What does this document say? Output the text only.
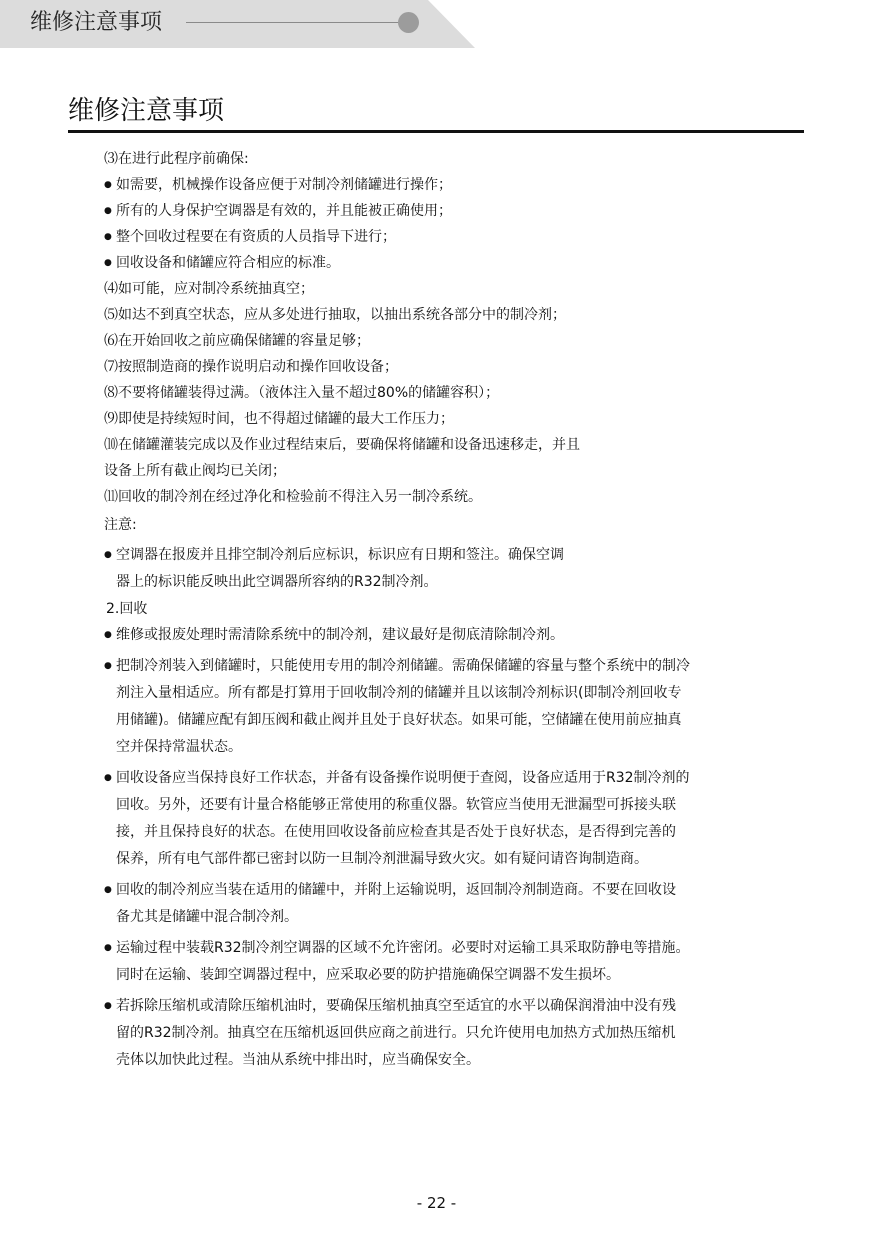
维修注意事项
维修注意事项
⑶在进行此程序前确保:
● 如需要，机械操作设备应便于对制冷剂储罐进行操作；
● 所有的人身保护空调器是有效的，并且能被正确使用；
● 整个回收过程要在有资质的人员指导下进行；
● 回收设备和储罐应符合相应的标准。
⑷如可能，应对制冷系统抽真空；
⑸如达不到真空状态，应从多处进行抽取，以抽出系统各部分中的制冷剂；
⑹在开始回收之前应确保储罐的容量足够；
⑺按照制造商的操作说明启动和操作回收设备；
⑻不要将储罐装得过满。（液体注入量不超过80%的储罐容积）；
⑼即使是持续短时间，也不得超过储罐的最大工作压力；
⑽在储罐灌装完成以及作业过程结束后，要确保将储罐和设备迅速移走，并且
设备上所有截止阀均已关闭；
⑾回收的制冷剂在经过净化和检验前不得注入另一制冷系统。
注意:
● 空调器在报废并且排空制冷剂后应标识，标识应有日期和签注。确保空调
器上的标识能反映出此空调器所容纳的R32制冷剂。
2.回收
● 维修或报废处理时需清除系统中的制冷剂，建议最好是彻底清除制冷剂。
● 把制冷剂装入到储罐时，只能使用专用的制冷剂储罐。需确保储罐的容量与整个系统中的制冷
剂注入量相适应。所有都是打算用于回收制冷剂的储罐并且以该制冷剂标识(即制冷剂回收专
用储罐)。储罐应配有卸压阀和截止阀并且处于良好状态。如果可能，空储罐在使用前应抽真
空并保持常温状态。
● 回收设备应当保持良好工作状态，并备有设备操作说明便于查阅，设备应适用于R32制冷剂的
回收。另外，还要有计量合格能够正常使用的称重仪器。软管应当使用无泄漏型可拆接头联
接，并且保持良好的状态。在使用回收设备前应检查其是否处于良好状态，是否得到完善的
保养，所有电气部件都已密封以防一旦制冷剂泄漏导致火灾。如有疑问请咨询制造商。
● 回收的制冷剂应当装在适用的储罐中，并附上运输说明，返回制冷剂制造商。不要在回收设
备尤其是储罐中混合制冷剂。
● 运输过程中装载R32制冷剂空调器的区域不允许密闭。必要时对运输工具采取防静电等措施。
同时在运输、装卸空调器过程中，应采取必要的防护措施确保空调器不发生损坏。
● 若拆除压缩机或清除压缩机油时，要确保压缩机抽真空至适宜的水平以确保润滑油中没有残
留的R32制冷剂。抽真空在压缩机返回供应商之前进行。只允许使用电加热方式加热压缩机
壳体以加快此过程。当油从系统中排出时，应当确保安全。
- 22 -
